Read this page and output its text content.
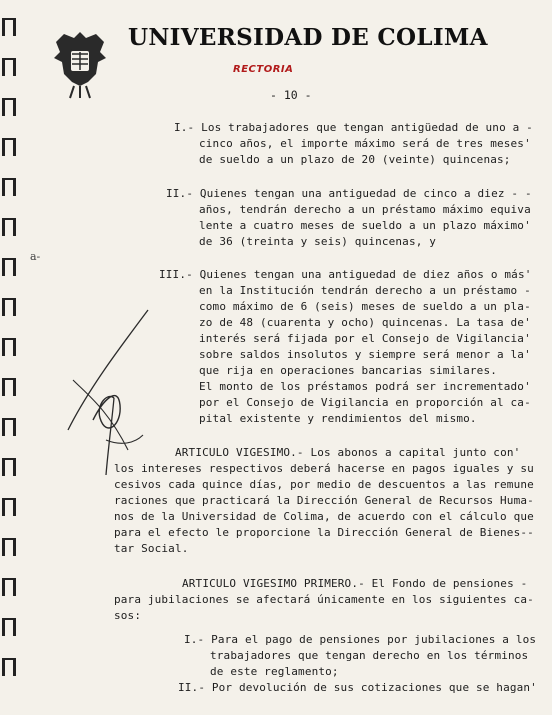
a-
UNIVERSIDAD DE COLIMA
RECTORIA
- 10 -
I.- Los trabajadores que tengan antigüedad de uno a -
cinco años, el importe máximo será de tres meses'
de sueldo a un plazo de 20 (veinte) quincenas;
II.- Quienes tengan una antiguedad de cinco a diez - -
años, tendrán derecho a un préstamo máximo equiva
lente a cuatro meses de sueldo a un plazo máximo'
de 36 (treinta y seis) quincenas, y
III.- Quienes tengan una antiguedad de diez años o más'
en la Institución tendrán derecho a un préstamo -
como máximo de 6 (seis) meses de sueldo a un pla-
zo de 48 (cuarenta y ocho) quincenas. La tasa de'
interés será fijada por el Consejo de Vigilancia'
sobre saldos insolutos y siempre será menor a la'
que rija en operaciones bancarias similares.
El monto de los préstamos podrá ser incrementado'
por el Consejo de Vigilancia en proporción al ca-
pital existente y rendimientos del mismo.
ARTICULO VIGESIMO.- Los abonos a capital junto con'
los intereses respectivos deberá hacerse en pagos iguales y su
cesivos cada quince días, por medio de descuentos a las remune
raciones que practicará la Dirección General de Recursos Huma-
nos de la Universidad de Colima, de acuerdo con el cálculo que
para el efecto le proporcione la Dirección General de Bienes--
tar Social.
ARTICULO VIGESIMO PRIMERO.- El Fondo de pensiones -
para jubilaciones se afectará únicamente en los siguientes ca-
sos:
I.- Para el pago de pensiones por jubilaciones a los
trabajadores que tengan derecho en los términos
de este reglamento;
II.- Por devolución de sus cotizaciones que se hagan'
